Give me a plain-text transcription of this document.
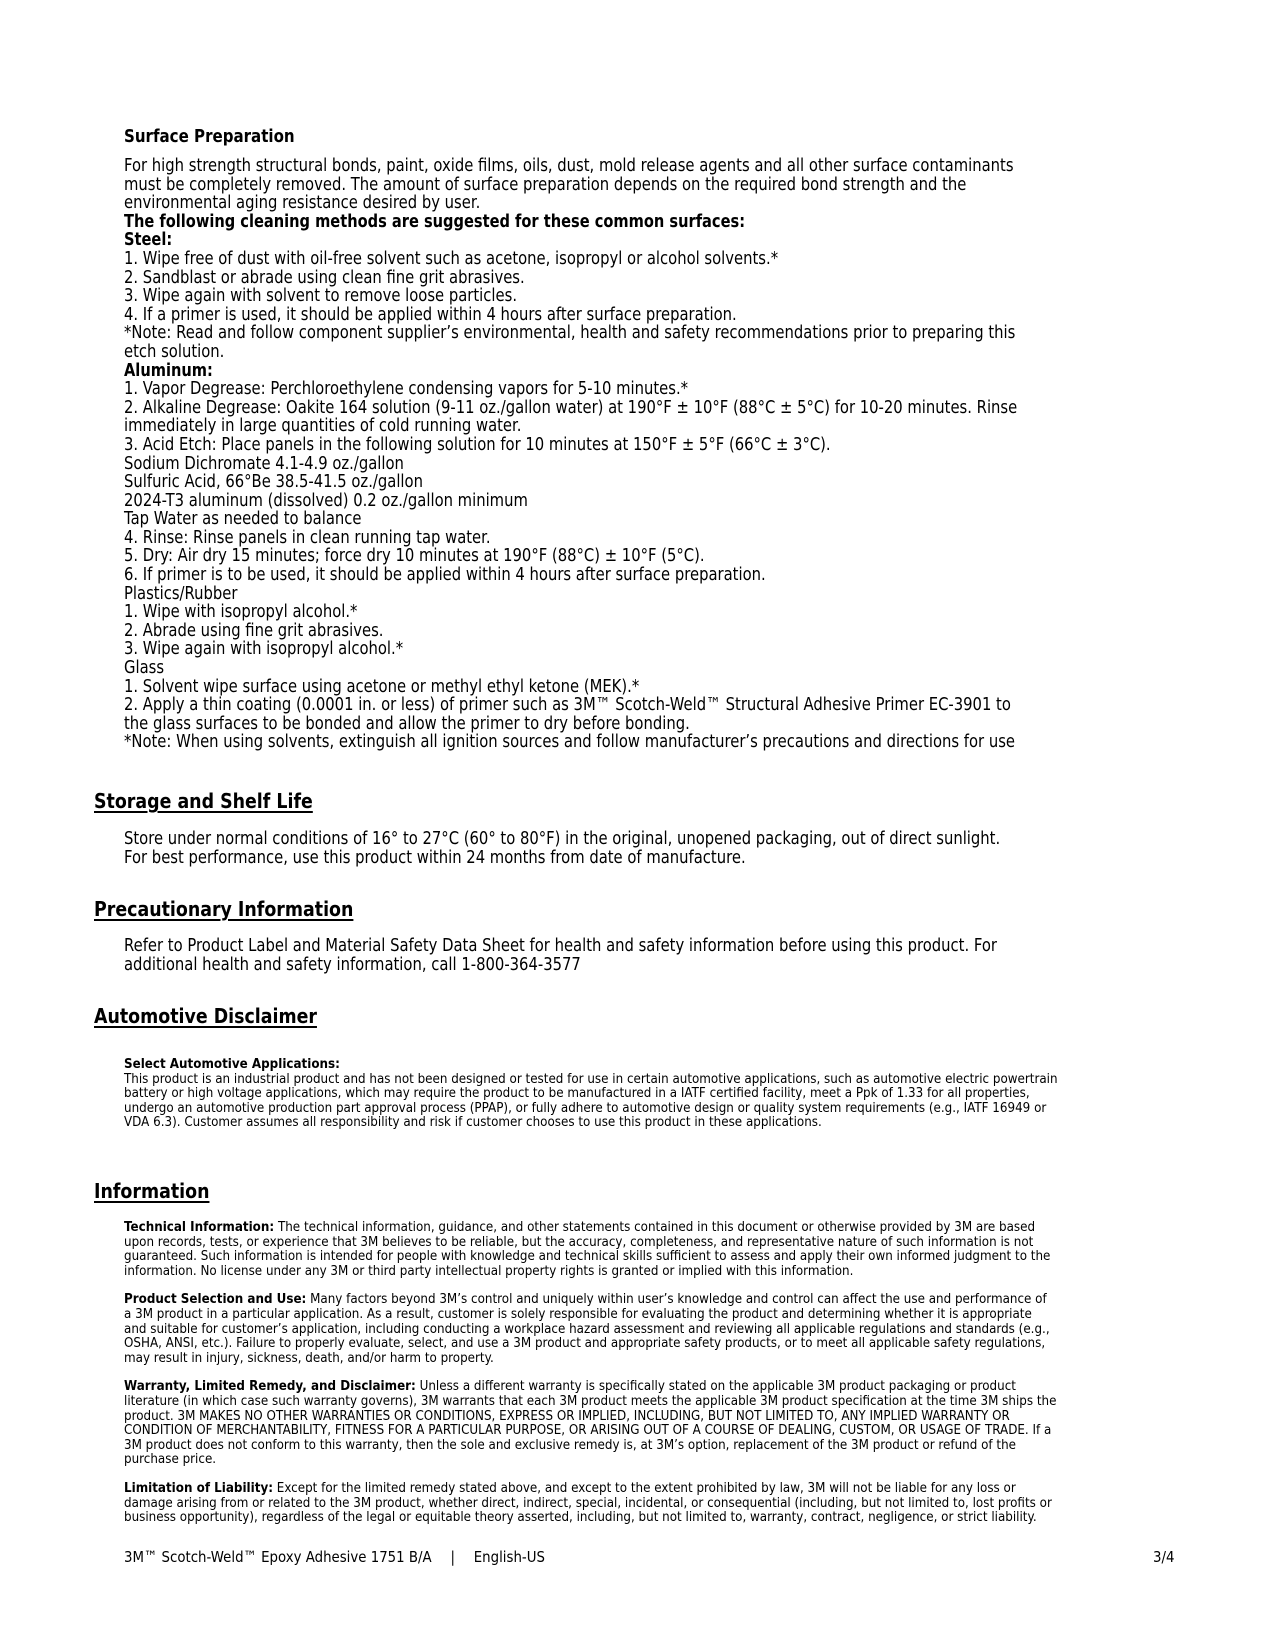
Surface Preparation
For high strength structural bonds, paint, oxide films, oils, dust, mold release agents and all other surface contaminants
must be completely removed. The amount of surface preparation depends on the required bond strength and the
environmental aging resistance desired by user.
The following cleaning methods are suggested for these common surfaces:
Steel:
1. Wipe free of dust with oil-free solvent such as acetone, isopropyl or alcohol solvents.*
2. Sandblast or abrade using clean fine grit abrasives.
3. Wipe again with solvent to remove loose particles.
4. If a primer is used, it should be applied within 4 hours after surface preparation.
*Note: Read and follow component supplier’s environmental, health and safety recommendations prior to preparing this
etch solution.
Aluminum:
1. Vapor Degrease: Perchloroethylene condensing vapors for 5-10 minutes.*
2. Alkaline Degrease: Oakite 164 solution (9-11 oz./gallon water) at 190°F ± 10°F (88°C ± 5°C) for 10-20 minutes. Rinse
immediately in large quantities of cold running water.
3. Acid Etch: Place panels in the following solution for 10 minutes at 150°F ± 5°F (66°C ± 3°C).
Sodium Dichromate 4.1-4.9 oz./gallon
Sulfuric Acid, 66°Be 38.5-41.5 oz./gallon
2024-T3 aluminum (dissolved) 0.2 oz./gallon minimum
Tap Water as needed to balance
4. Rinse: Rinse panels in clean running tap water.
5. Dry: Air dry 15 minutes; force dry 10 minutes at 190°F (88°C) ± 10°F (5°C).
6. If primer is to be used, it should be applied within 4 hours after surface preparation.
Plastics/Rubber
1. Wipe with isopropyl alcohol.*
2. Abrade using fine grit abrasives.
3. Wipe again with isopropyl alcohol.*
Glass
1. Solvent wipe surface using acetone or methyl ethyl ketone (MEK).*
2. Apply a thin coating (0.0001 in. or less) of primer such as 3M™ Scotch-Weld™ Structural Adhesive Primer EC-3901 to
the glass surfaces to be bonded and allow the primer to dry before bonding.
*Note: When using solvents, extinguish all ignition sources and follow manufacturer’s precautions and directions for use
Storage and Shelf Life
Store under normal conditions of 16° to 27°C (60° to 80°F) in the original, unopened packaging, out of direct sunlight.
For best performance, use this product within 24 months from date of manufacture.
Precautionary Information
Refer to Product Label and Material Safety Data Sheet for health and safety information before using this product. For
additional health and safety information, call 1-800-364-3577
Automotive Disclaimer
Select Automotive Applications:
This product is an industrial product and has not been designed or tested for use in certain automotive applications, such as automotive electric powertrain
battery or high voltage applications, which may require the product to be manufactured in a IATF certified facility, meet a Ppk of 1.33 for all properties,
undergo an automotive production part approval process (PPAP), or fully adhere to automotive design or quality system requirements (e.g., IATF 16949 or
VDA 6.3). Customer assumes all responsibility and risk if customer chooses to use this product in these applications.
Information
Technical Information: The technical information, guidance, and other statements contained in this document or otherwise provided by 3M are based
upon records, tests, or experience that 3M believes to be reliable, but the accuracy, completeness, and representative nature of such information is not
guaranteed. Such information is intended for people with knowledge and technical skills sufficient to assess and apply their own informed judgment to the
information. No license under any 3M or third party intellectual property rights is granted or implied with this information.
Product Selection and Use: Many factors beyond 3M’s control and uniquely within user’s knowledge and control can affect the use and performance of
a 3M product in a particular application. As a result, customer is solely responsible for evaluating the product and determining whether it is appropriate
and suitable for customer’s application, including conducting a workplace hazard assessment and reviewing all applicable regulations and standards (e.g.,
OSHA, ANSI, etc.). Failure to properly evaluate, select, and use a 3M product and appropriate safety products, or to meet all applicable safety regulations,
may result in injury, sickness, death, and/or harm to property.
Warranty, Limited Remedy, and Disclaimer: Unless a different warranty is specifically stated on the applicable 3M product packaging or product
literature (in which case such warranty governs), 3M warrants that each 3M product meets the applicable 3M product specification at the time 3M ships the
product. 3M MAKES NO OTHER WARRANTIES OR CONDITIONS, EXPRESS OR IMPLIED, INCLUDING, BUT NOT LIMITED TO, ANY IMPLIED WARRANTY OR
CONDITION OF MERCHANTABILITY, FITNESS FOR A PARTICULAR PURPOSE, OR ARISING OUT OF A COURSE OF DEALING, CUSTOM, OR USAGE OF TRADE. If a
3M product does not conform to this warranty, then the sole and exclusive remedy is, at 3M’s option, replacement of the 3M product or refund of the
purchase price.
Limitation of Liability: Except for the limited remedy stated above, and except to the extent prohibited by law, 3M will not be liable for any loss or
damage arising from or related to the 3M product, whether direct, indirect, special, incidental, or consequential (including, but not limited to, lost profits or
business opportunity), regardless of the legal or equitable theory asserted, including, but not limited to, warranty, contract, negligence, or strict liability.
3M™ Scotch-Weld™ Epoxy Adhesive 1751 B/A | English-US	3/4
